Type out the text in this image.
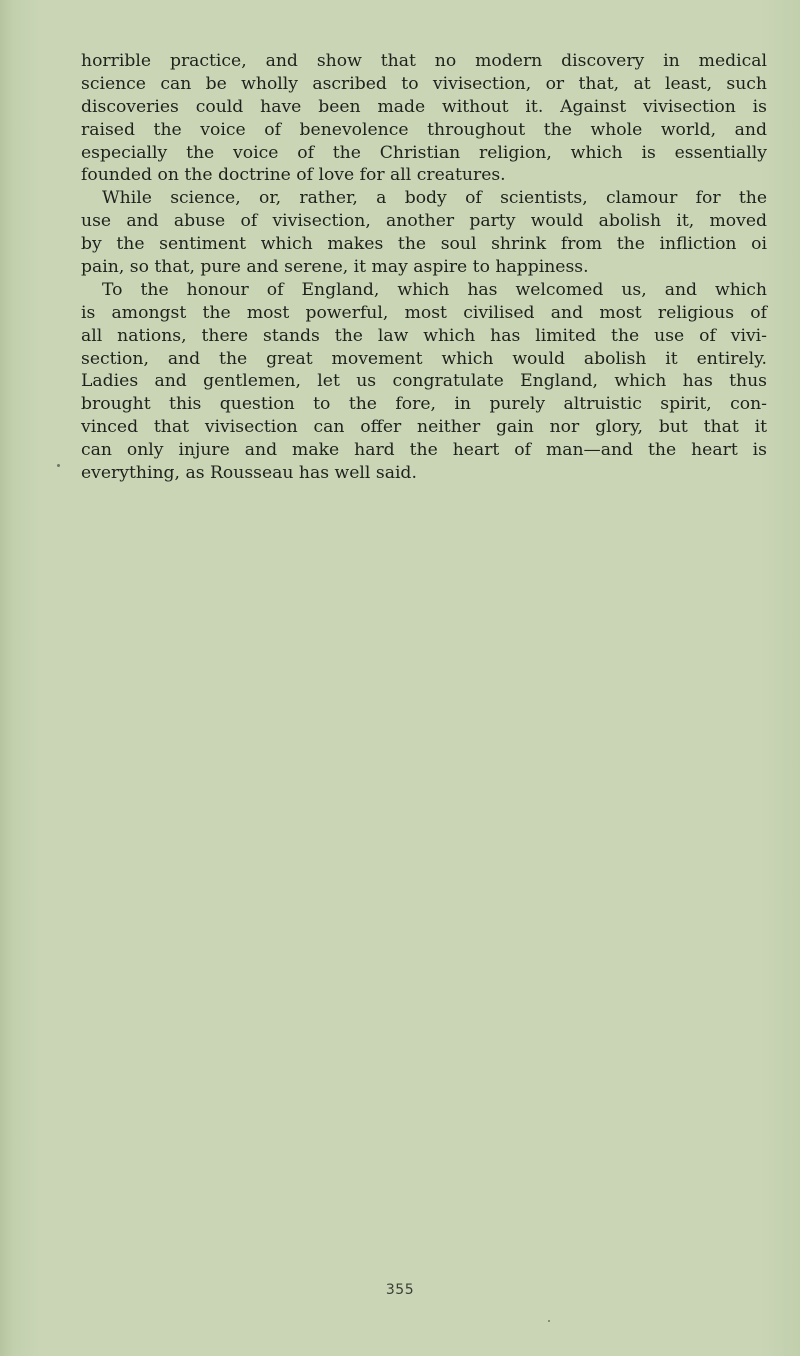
horrible practice, and show that no modern discovery in medical
science can be wholly ascribed to vivisection, or that, at least, such
discoveries could have been made without it. Against vivisection is
raised the voice of benevolence throughout the whole world, and
especially the voice of the Christian religion, which is essentially
founded on the doctrine of love for all creatures.
While science, or, rather, a body of scientists, clamour for the
use and abuse of vivisection, another party would abolish it, moved
by the sentiment which makes the soul shrink from the infliction oi
pain, so that, pure and serene, it may aspire to happiness.
To the honour of England, which has welcomed us, and which
is amongst the most powerful, most civilised and most religious of
all nations, there stands the law which has limited the use of vivi-
section, and the great movement which would abolish it entirely.
Ladies and gentlemen, let us congratulate England, which has thus
brought this question to the fore, in purely altruistic spirit, con-
vinced that vivisection can offer neither gain nor glory, but that it
can only injure and make hard the heart of man—and the heart is
everything, as Rousseau has well said.
355
